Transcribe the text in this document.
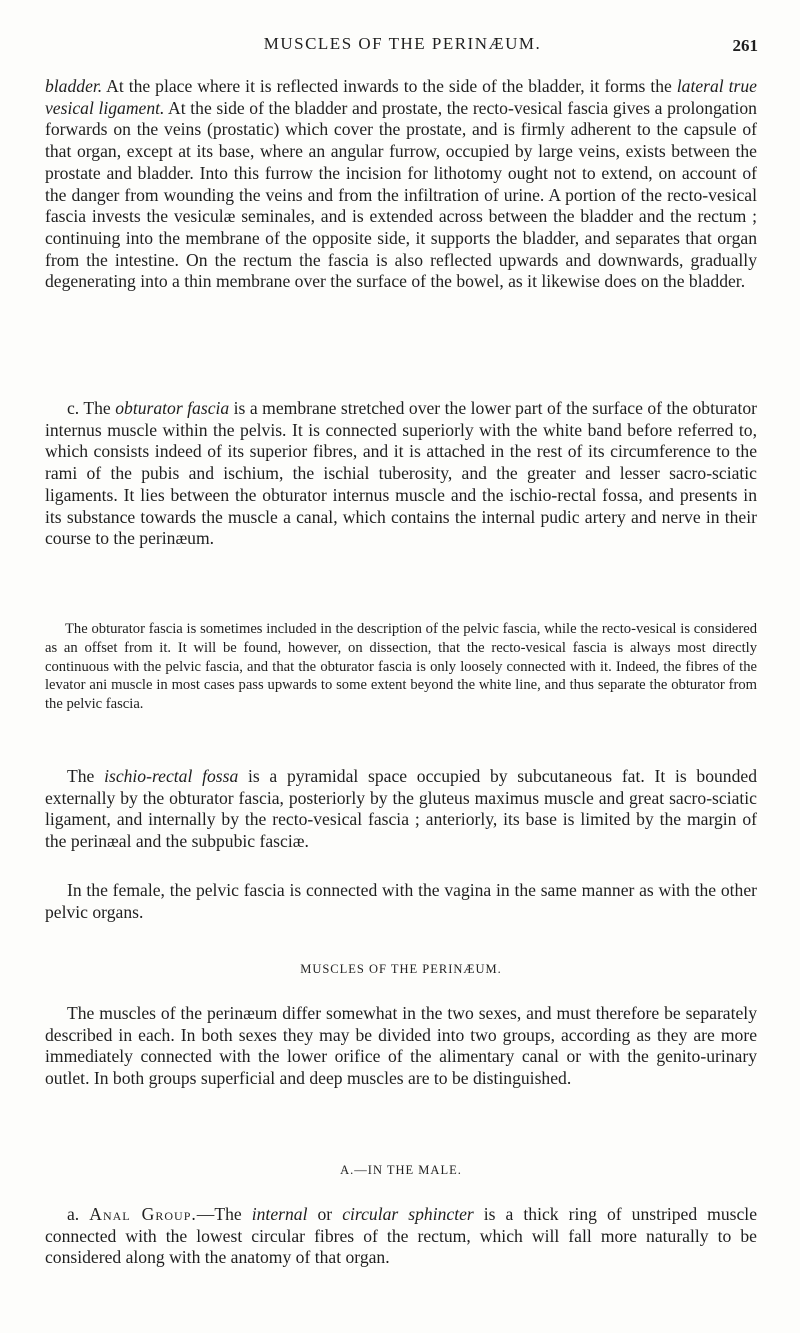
MUSCLES OF THE PERINÆUM.	261

bladder. At the place where it is reflected inwards to the side of the bladder, it forms the lateral true vesical ligament. At the side of the bladder and prostate, the recto-vesical fascia gives a prolongation forwards on the veins (prostatic) which cover the prostate, and is firmly adherent to the capsule of that organ, except at its base, where an angular furrow, occupied by large veins, exists between the prostate and bladder. Into this furrow the incision for lithotomy ought not to extend, on account of the danger from wounding the veins and from the infiltration of urine. A portion of the recto-vesical fascia invests the vesiculæ seminales, and is extended across between the bladder and the rectum ; continuing into the membrane of the opposite side, it supports the bladder, and separates that organ from the intestine. On the rectum the fascia is also reflected upwards and downwards, gradually degenerating into a thin membrane over the surface of the bowel, as it likewise does on the bladder.

c. The obturator fascia is a membrane stretched over the lower part of the surface of the obturator internus muscle within the pelvis. It is connected superiorly with the white band before referred to, which consists indeed of its superior fibres, and it is attached in the rest of its circumference to the rami of the pubis and ischium, the ischial tuberosity, and the greater and lesser sacro-sciatic ligaments. It lies between the obturator internus muscle and the ischio-rectal fossa, and presents in its substance towards the muscle a canal, which contains the internal pudic artery and nerve in their course to the perinæum.

The obturator fascia is sometimes included in the description of the pelvic fascia, while the recto-vesical is considered as an offset from it. It will be found, however, on dissection, that the recto-vesical fascia is always most directly continuous with the pelvic fascia, and that the obturator fascia is only loosely connected with it. Indeed, the fibres of the levator ani muscle in most cases pass upwards to some extent beyond the white line, and thus separate the obturator from the pelvic fascia.

The ischio-rectal fossa is a pyramidal space occupied by subcutaneous fat. It is bounded externally by the obturator fascia, posteriorly by the gluteus maximus muscle and great sacro-sciatic ligament, and internally by the recto-vesical fascia ; anteriorly, its base is limited by the margin of the perinæal and the subpubic fasciæ.

In the female, the pelvic fascia is connected with the vagina in the same manner as with the other pelvic organs.
MUSCLES OF THE PERINÆUM.
The muscles of the perinæum differ somewhat in the two sexes, and must therefore be separately described in each. In both sexes they may be divided into two groups, according as they are more immediately connected with the lower orifice of the alimentary canal or with the genito-urinary outlet. In both groups superficial and deep muscles are to be distinguished.
A.—IN THE MALE.

a. Anal Group.—The internal or circular sphincter is a thick ring of unstriped muscle connected with the lowest circular fibres of the rectum, which will fall more naturally to be considered along with the anatomy of that organ.
